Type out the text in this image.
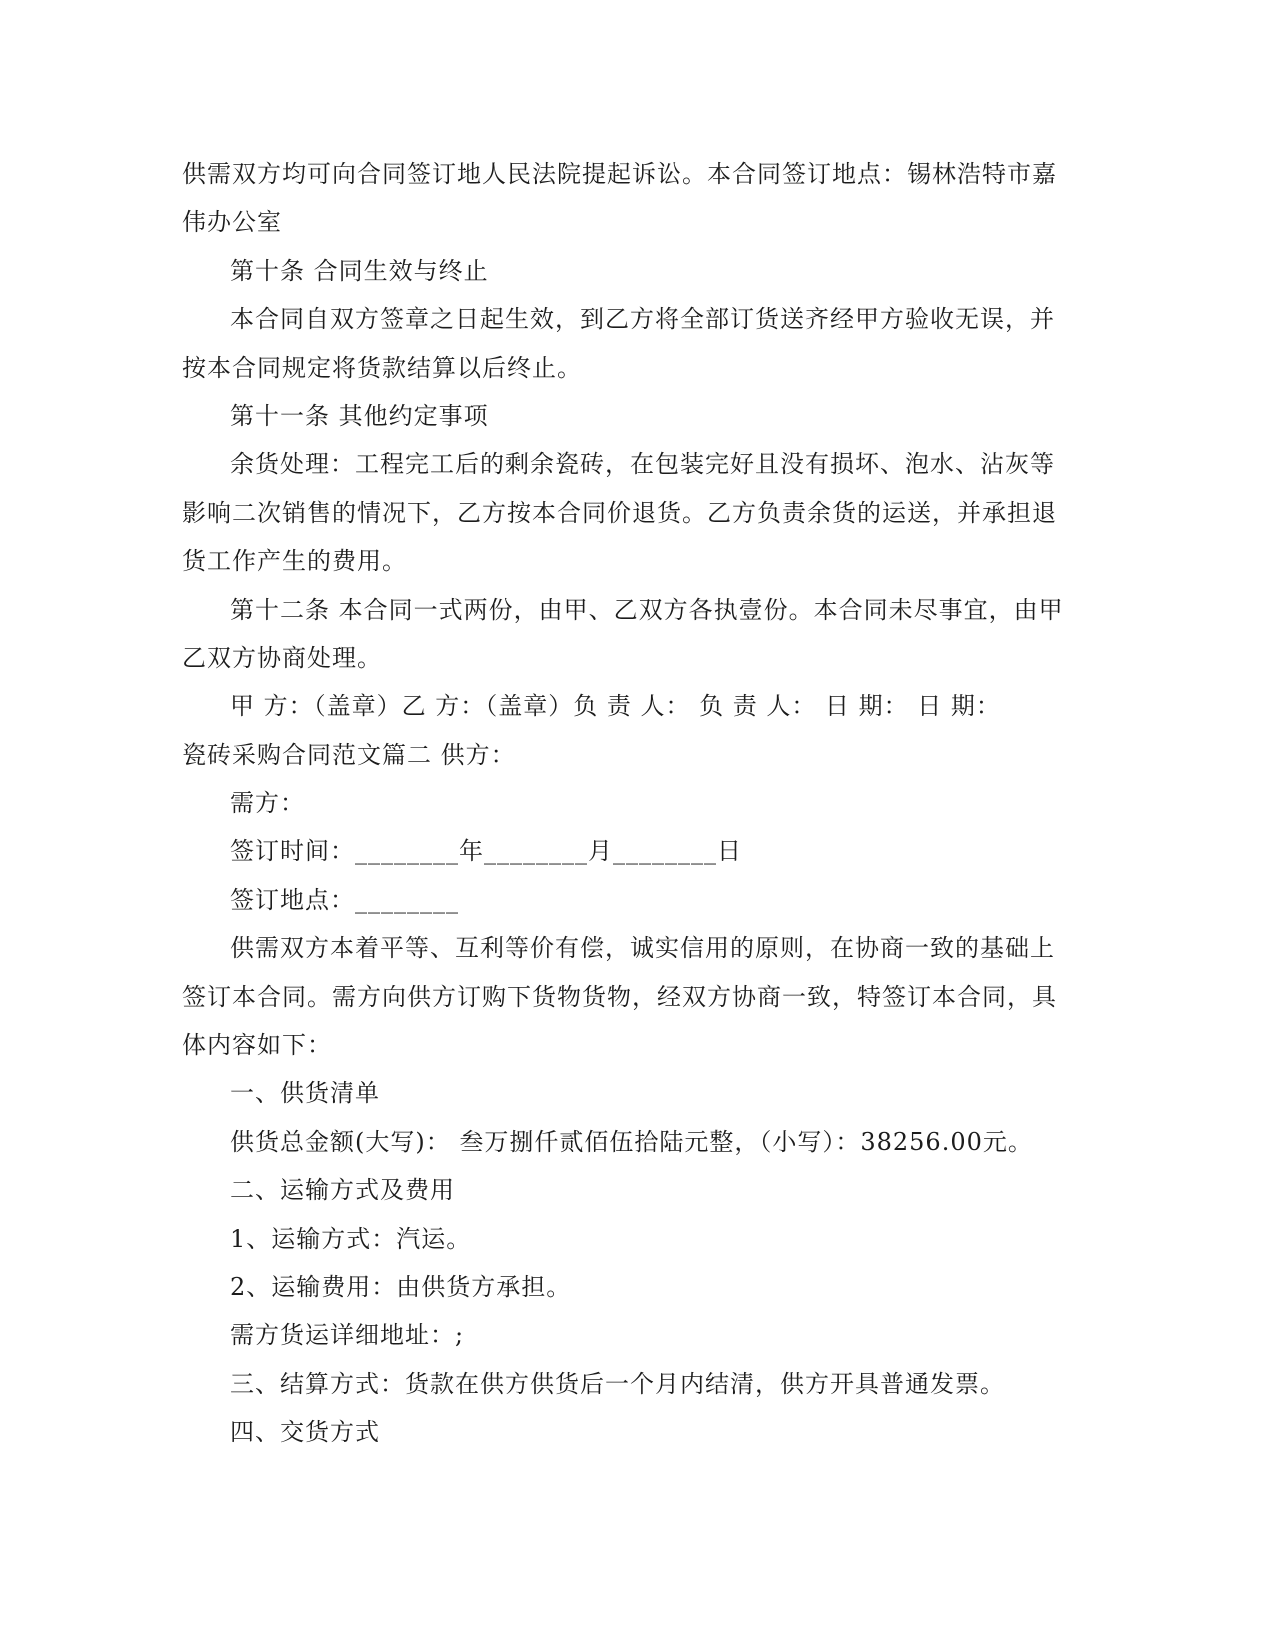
供需双方均可向合同签订地人民法院提起诉讼。本合同签订地点：锡林浩特市嘉

伟办公室

第十条 合同生效与终止

本合同自双方签章之日起生效，到乙方将全部订货送齐经甲方验收无误，并

按本合同规定将货款结算以后终止。

第十一条 其他约定事项

余货处理：工程完工后的剩余瓷砖，在包装完好且没有损坏、泡水、沾灰等

影响二次销售的情况下，乙方按本合同价退货。乙方负责余货的运送，并承担退

货工作产生的费用。

第十二条 本合同一式两份，由甲、乙双方各执壹份。本合同未尽事宜，由甲

乙双方协商处理。

甲 方：（盖章）乙 方：（盖章）负 责 人： 负 责 人： 日 期： 日 期：

瓷砖采购合同范文篇二 供方：

需方：

签订时间：________年________月________日

签订地点：________

供需双方本着平等、互利等价有偿，诚实信用的原则，在协商一致的基础上

签订本合同。需方向供方订购下货物货物，经双方协商一致，特签订本合同，具

体内容如下：

一、供货清单

供货总金额(大写)： 叁万捌仟贰佰伍拾陆元整，（小写）：38256.00元。

二、运输方式及费用

1、运输方式：汽运。

2、运输费用：由供货方承担。

需方货运详细地址：;

三、结算方式：货款在供方供货后一个月内结清，供方开具普通发票。

四、交货方式
